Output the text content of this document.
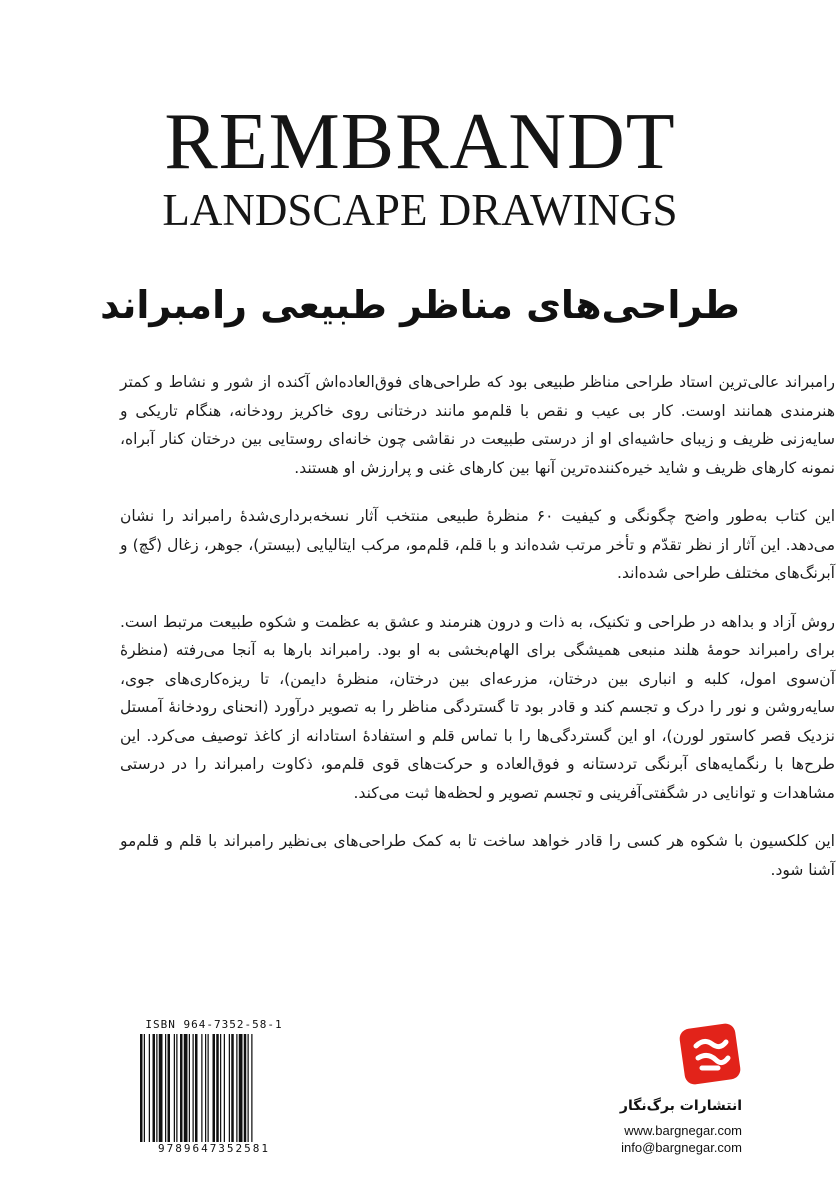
REMBRANDT
LANDSCAPE DRAWINGS
طراحی‌های مناظر طبیعی رامبراند

رامبراند عالی‌ترین استاد طراحی مناظر طبیعی بود که طراحی‌های فوق‌العاده‌اش آکنده از شور و نشاط و کمتر هنرمندی همانند اوست. کار بی عیب و نقص با قلم‌مو مانند درختانی روی خاکریز رودخانه، هنگام تاریکی و سایه‌زنی ظریف و زیبای حاشیه‌ای او از درستی طبیعت در نقاشی چون خانه‌ای روستایی بین درختان کنار آبراه، نمونه کارهای ظریف و شاید خیره‌کننده‌ترین آنها بین کارهای غنی و پرارزش او هستند.

این کتاب به‌طور واضح چگونگی و کیفیت ۶۰ منظرهٔ طبیعی منتخب آثار نسخه‌برداری‌شدهٔ رامبراند را نشان می‌دهد. این آثار از نظر تقدّم و تأخر مرتب شده‌اند و با قلم، قلم‌مو، مرکب ایتالیایی (بیستر)، جوهر، زغال (گچ) و آبرنگ‌های مختلف طراحی شده‌اند.

روش آزاد و بداهه در طراحی و تکنیک، به ذات و درون هنرمند و عشق به عظمت و شکوه طبیعت مرتبط است. برای رامبراند حومهٔ هلند منبعی همیشگی برای الهام‌بخشی به او بود. رامبراند بارها به آنجا می‌رفته (منظرهٔ آن‌سوی امول، کلبه و انباری بین درختان، مزرعه‌ای بین درختان، منظرهٔ دایمن)، تا ریزه‌کاری‌های جوی، سایه‌روشن و نور را درک و تجسم کند و قادر بود تا گستردگی مناظر را به تصویر درآورد (انحنای رودخانهٔ آمستل نزدیک قصر کاستور لورن)، او این گستردگی‌ها را با تماس قلم و استفادهٔ استادانه از کاغذ توصیف می‌کرد. این طرح‌ها با رنگمایه‌های آبرنگی تردستانه و فوق‌العاده و حرکت‌های قوی قلم‌مو، ذکاوت رامبراند را در درستی مشاهدات و توانایی در شگفتی‌آفرینی و تجسم تصویر و لحظه‌ها ثبت می‌کند.

این کلکسیون با شکوه هر کسی را قادر خواهد ساخت تا به کمک طراحی‌های بی‌نظیر رامبراند با قلم و قلم‌مو آشنا شود.

ISBN 964-7352-58-1
9789647352581
انتشارات برگ‌نگار
www.bargnegar.com
info@bargnegar.com
